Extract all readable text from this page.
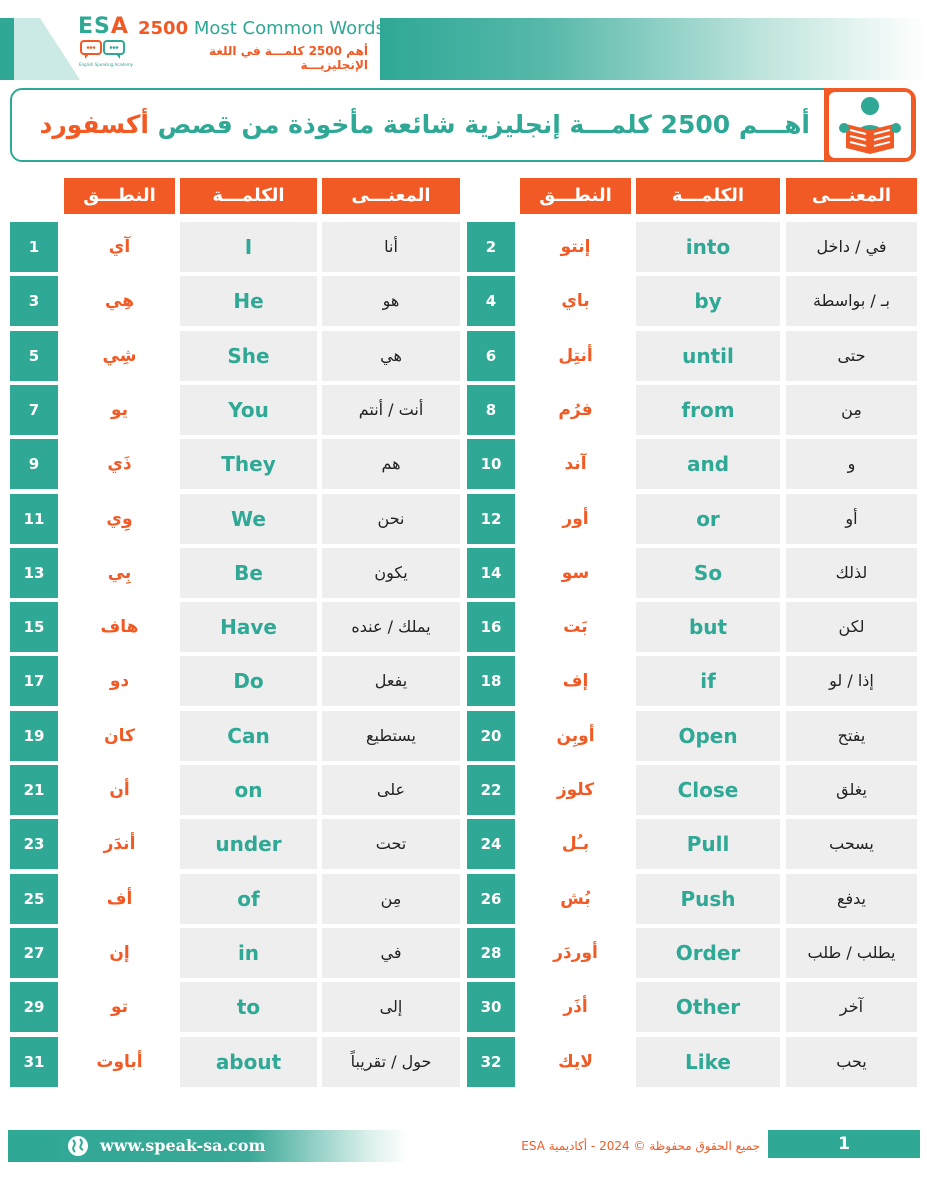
ESA
English Speaking Academy
2500 Most Common Words
أهم 2500 كلمـــة في اللغة الإنجليزيـــة
أهـــم 2500 كلمـــة إنجليزية شائعة مأخوذة من قصص أكسفورد
النطـــق	الكلمـــة	المعنـــى	النطـــق	الكلمـــة	المعنـــى
1	آي	I	أنا
3	هِي	He	هو
5	شِي	She	هي
7	يو	You	أنت / أنتم
9	ذَي	They	هم
11	وِي	We	نحن
13	بِي	Be	يكون
15	هاف	Have	يملك / عنده
17	دو	Do	يفعل
19	كان	Can	يستطيع
21	أن	on	على
23	أندَر	under	تحت
25	أف	of	مِن
27	إن	in	في
29	تو	to	إلى
31	أباوت	about	حول / تقريباً
2	إنتو	into	في / داخل
4	باي	by	بـ / بواسطة
6	أنتِل	until	حتى
8	فرُم	from	مِن
10	آند	and	و
12	أور	or	أو
14	سو	So	لذلك
16	بَت	but	لكن
18	إف	if	إذا / لو
20	أوبِن	Open	يفتح
22	كلوز	Close	يغلق
24	بـُل	Pull	يسحب
26	بُش	Push	يدفع
28	أوردَر	Order	يطلب / طلب
30	أذَر	Other	آخر
32	لايك	Like	يحب
www.speak-sa.com	جميع الحقوق محفوظة © 2024 - أكاديمية ESA	1
